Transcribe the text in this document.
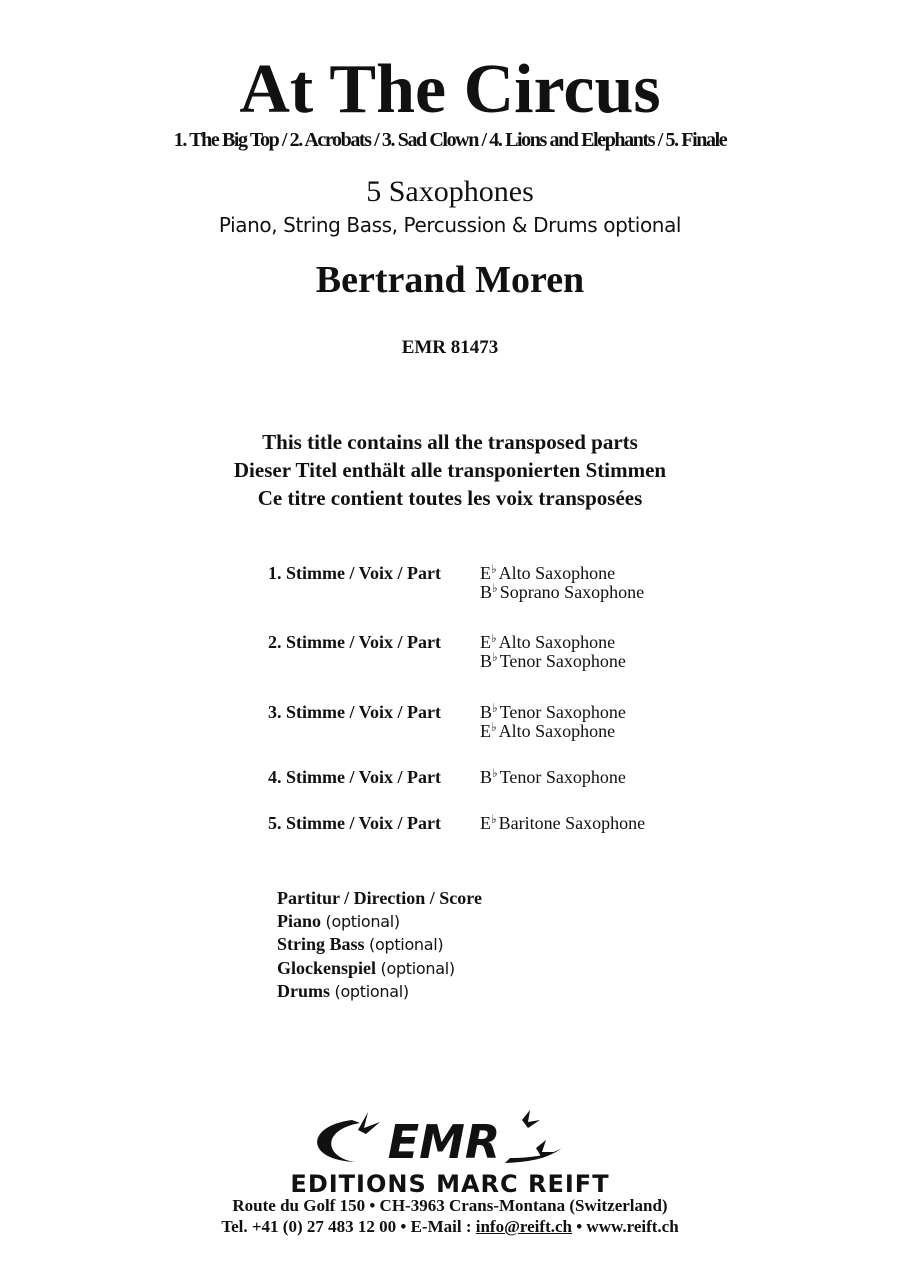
At The Circus
1. The Big Top / 2. Acrobats / 3. Sad Clown / 4. Lions and Elephants / 5. Finale
5 Saxophones
Piano, String Bass, Percussion & Drums optional
Bertrand Moren
EMR 81473
This title contains all the transposed parts
Dieser Titel enthält alle transponierten Stimmen
Ce titre contient toutes les voix transposées
1. Stimme / Voix / Part E♭ Alto Saxophone
B♭ Soprano Saxophone
2. Stimme / Voix / Part E♭ Alto Saxophone
B♭ Tenor Saxophone
3. Stimme / Voix / Part B♭ Tenor Saxophone
E♭ Alto Saxophone
4. Stimme / Voix / Part B♭ Tenor Saxophone
5. Stimme / Voix / Part E♭ Baritone Saxophone
Partitur / Direction / Score
Piano (optional)
String Bass (optional)
Glockenspiel (optional)
Drums (optional)
EMR
EDITIONS MARC REIFT
Route du Golf 150 • CH-3963 Crans-Montana (Switzerland)
Tel. +41 (0) 27 483 12 00 • E-Mail : info@reift.ch • www.reift.ch
